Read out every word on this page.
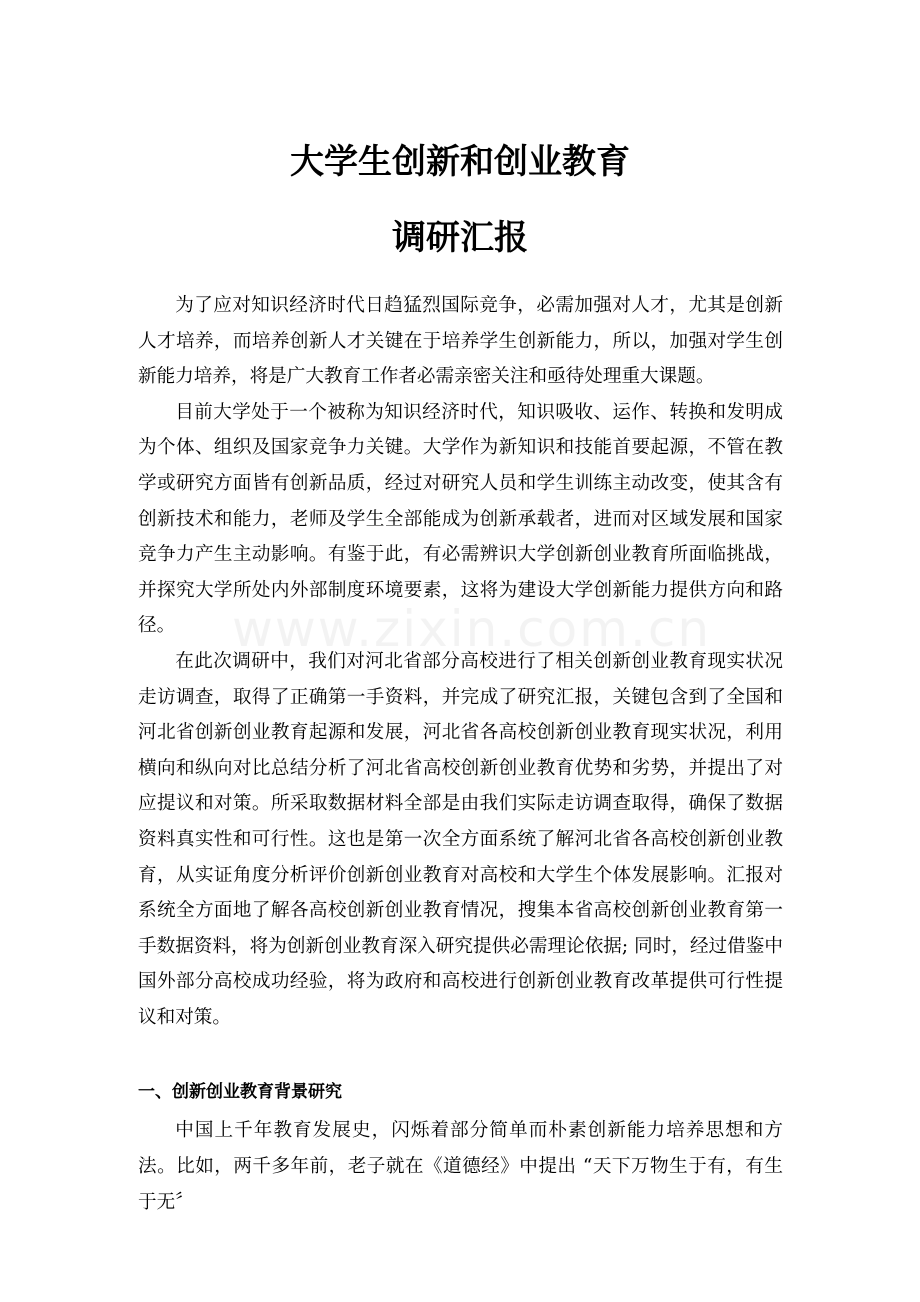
大学生创新和创业教育
调研汇报

为了应对知识经济时代日趋猛烈国际竞争，必需加强对人才，尤其是创新人才培养，而培养创新人才关键在于培养学生创新能力，所以，加强对学生创新能力培养，将是广大教育工作者必需亲密关注和亟待处理重大课题。

目前大学处于一个被称为知识经济时代，知识吸收、运作、转换和发明成为个体、组织及国家竞争力关键。大学作为新知识和技能首要起源，不管在教学或研究方面皆有创新品质，经过对研究人员和学生训练主动改变，使其含有创新技术和能力，老师及学生全部能成为创新承载者，进而对区域发展和国家竞争力产生主动影响。有鉴于此，有必需辨识大学创新创业教育所面临挑战，并探究大学所处内外部制度环境要素，这将为建设大学创新能力提供方向和路径。

在此次调研中，我们对河北省部分高校进行了相关创新创业教育现实状况走访调查，取得了正确第一手资料，并完成了研究汇报，关键包含到了全国和河北省创新创业教育起源和发展，河北省各高校创新创业教育现实状况，利用横向和纵向对比总结分析了河北省高校创新创业教育优势和劣势，并提出了对应提议和对策。所采取数据材料全部是由我们实际走访调查取得，确保了数据资料真实性和可行性。这也是第一次全方面系统了解河北省各高校创新创业教育，从实证角度分析评价创新创业教育对高校和大学生个体发展影响。汇报对系统全方面地了解各高校创新创业教育情况，搜集本省高校创新创业教育第一手数据资料，将为创新创业教育深入研究提供必需理论依据; 同时，经过借鉴中国外部分高校成功经验，将为政府和高校进行创新创业教育改革提供可行性提议和对策。

一、创新创业教育背景研究

中国上千年教育发展史，闪烁着部分简单而朴素创新能力培养思想和方法。比如，两千多年前，老子就在《道德经》中提出 “天下万物生于有，有生于无〞

www.zixin.com.cn
